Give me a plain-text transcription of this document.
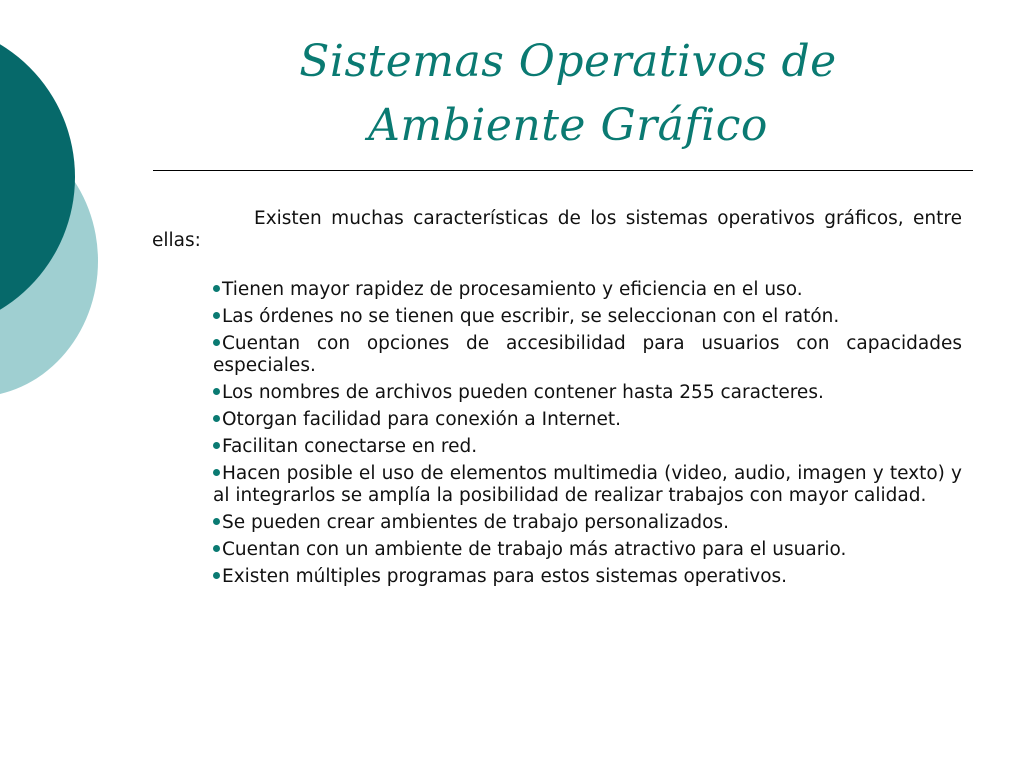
Sistemas Operativos de Ambiente Gráfico

Existen muchas características de los sistemas operativos gráficos, entre ellas:

Tienen mayor rapidez de procesamiento y eficiencia en el uso.
Las órdenes no se tienen que escribir, se seleccionan con el ratón.
Cuentan con opciones de accesibilidad para usuarios con capacidades especiales.
Los nombres de archivos pueden contener hasta 255 caracteres.
Otorgan facilidad para conexión a Internet.
Facilitan conectarse en red.
Hacen posible el uso de elementos multimedia (video, audio, imagen y texto) y al integrarlos se amplía la posibilidad de realizar trabajos con mayor calidad.
Se pueden crear ambientes de trabajo personalizados.
Cuentan con un ambiente de trabajo más atractivo para el usuario.
Existen múltiples programas para estos sistemas operativos.
